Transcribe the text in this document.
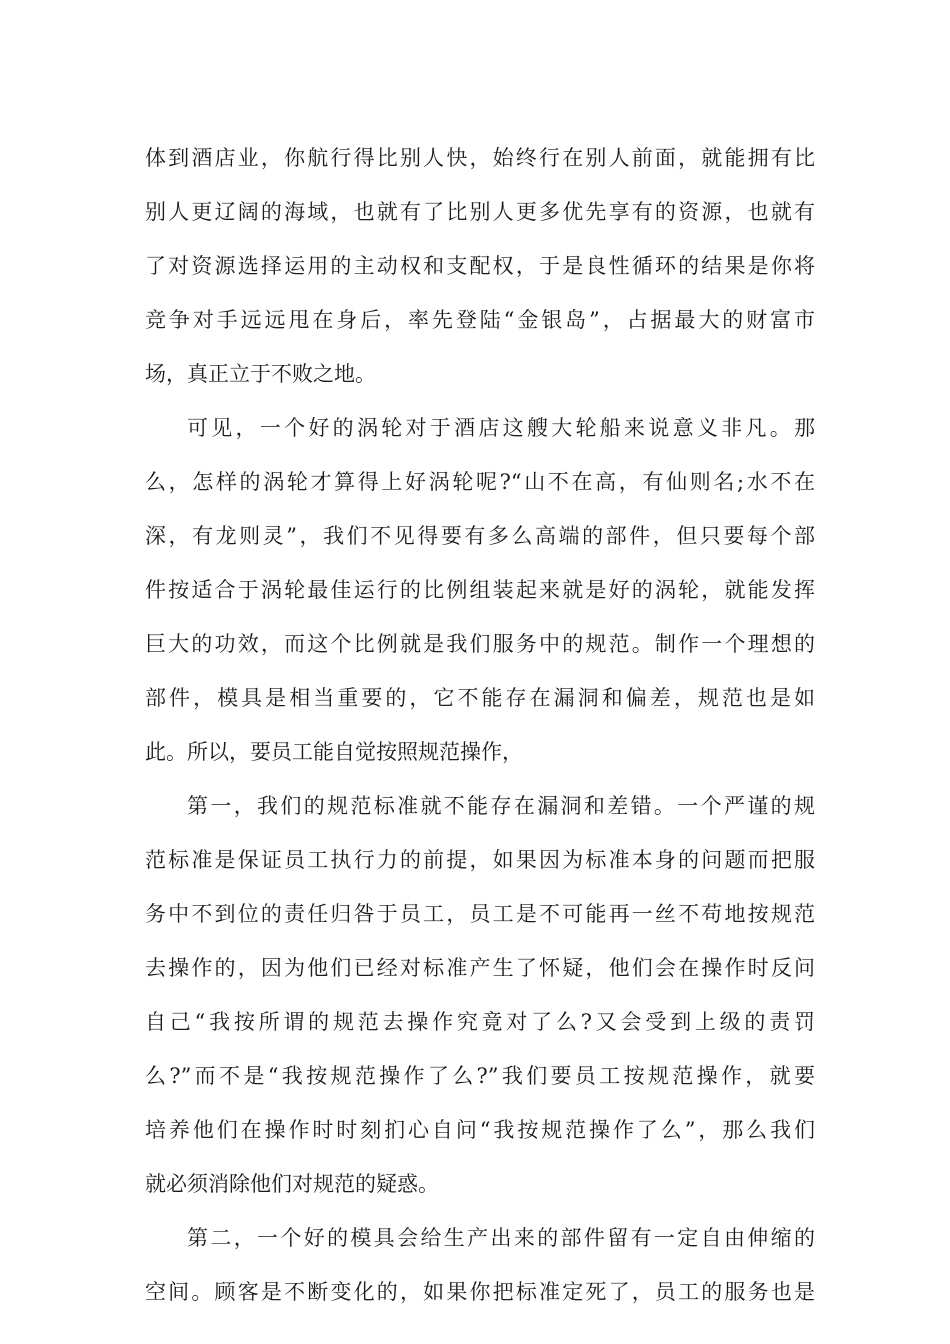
体到酒店业，你航行得比别人快，始终行在别人前面，就能拥有比
别人更辽阔的海域，也就有了比别人更多优先享有的资源，也就有
了对资源选择运用的主动权和支配权，于是良性循环的结果是你将
竞争对手远远甩在身后，率先登陆“金银岛”，占据最大的财富市
场，真正立于不败之地。
可见，一个好的涡轮对于酒店这艘大轮船来说意义非凡。那
么，怎样的涡轮才算得上好涡轮呢?“山不在高，有仙则名;水不在
深，有龙则灵”，我们不见得要有多么高端的部件，但只要每个部
件按适合于涡轮最佳运行的比例组装起来就是好的涡轮，就能发挥
巨大的功效，而这个比例就是我们服务中的规范。制作一个理想的
部件，模具是相当重要的，它不能存在漏洞和偏差，规范也是如
此。所以，要员工能自觉按照规范操作，
第一，我们的规范标准就不能存在漏洞和差错。一个严谨的规
范标准是保证员工执行力的前提，如果因为标准本身的问题而把服
务中不到位的责任归咎于员工，员工是不可能再一丝不苟地按规范
去操作的，因为他们已经对标准产生了怀疑，他们会在操作时反问
自己“我按所谓的规范去操作究竟对了么?又会受到上级的责罚
么?”而不是“我按规范操作了么?”我们要员工按规范操作，就要
培养他们在操作时时刻扪心自问“我按规范操作了么”，那么我们
就必须消除他们对规范的疑惑。
第二，一个好的模具会给生产出来的部件留有一定自由伸缩的
空间。顾客是不断变化的，如果你把标准定死了，员工的服务也是
